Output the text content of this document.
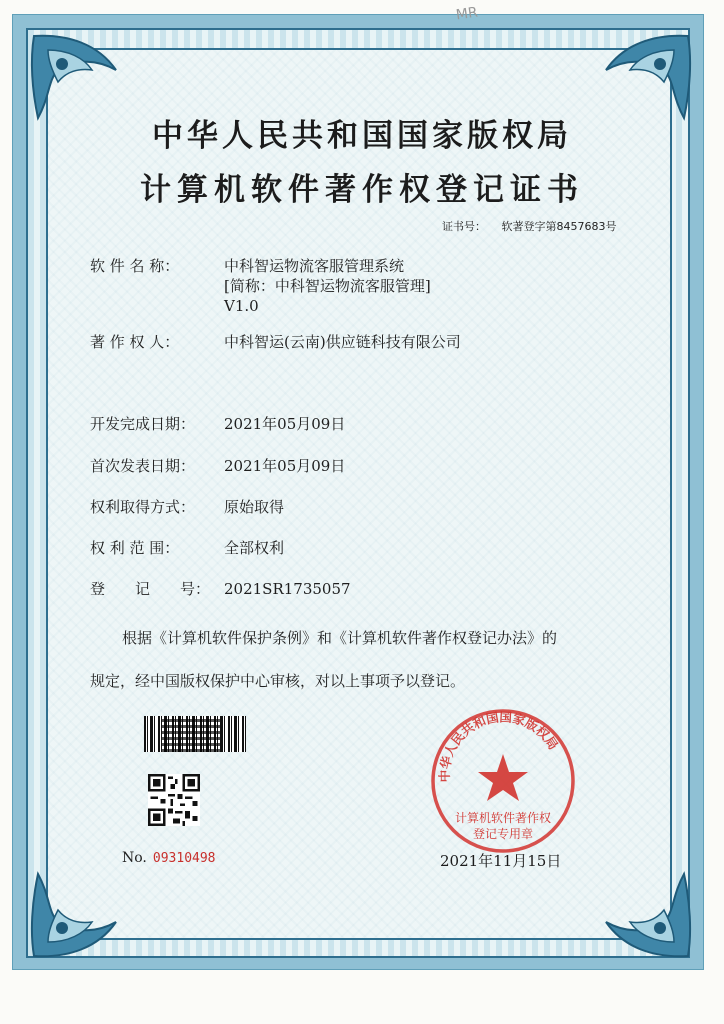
MR
中华人民共和国国家版权局
计算机软件著作权登记证书
证书号： 软著登字第8457683号
软 件 名 称：	中科智运物流客服管理系统
[简称：中科智运物流客服管理]
V1.0
著 作 权 人：	中科智运(云南)供应链科技有限公司
开发完成日期：	2021年05月09日
首次发表日期：	2021年05月09日
权利取得方式：	原始取得
权 利 范 围：	全部权利
登　　记　　号： 2021SR1735057
根据《计算机软件保护条例》和《计算机软件著作权登记办法》的
规定，经中国版权保护中心审核，对以上事项予以登记。
No. 09310498
中华人民共和国国家版权局
计算机软件著作权
登记专用章
2021年11月15日
